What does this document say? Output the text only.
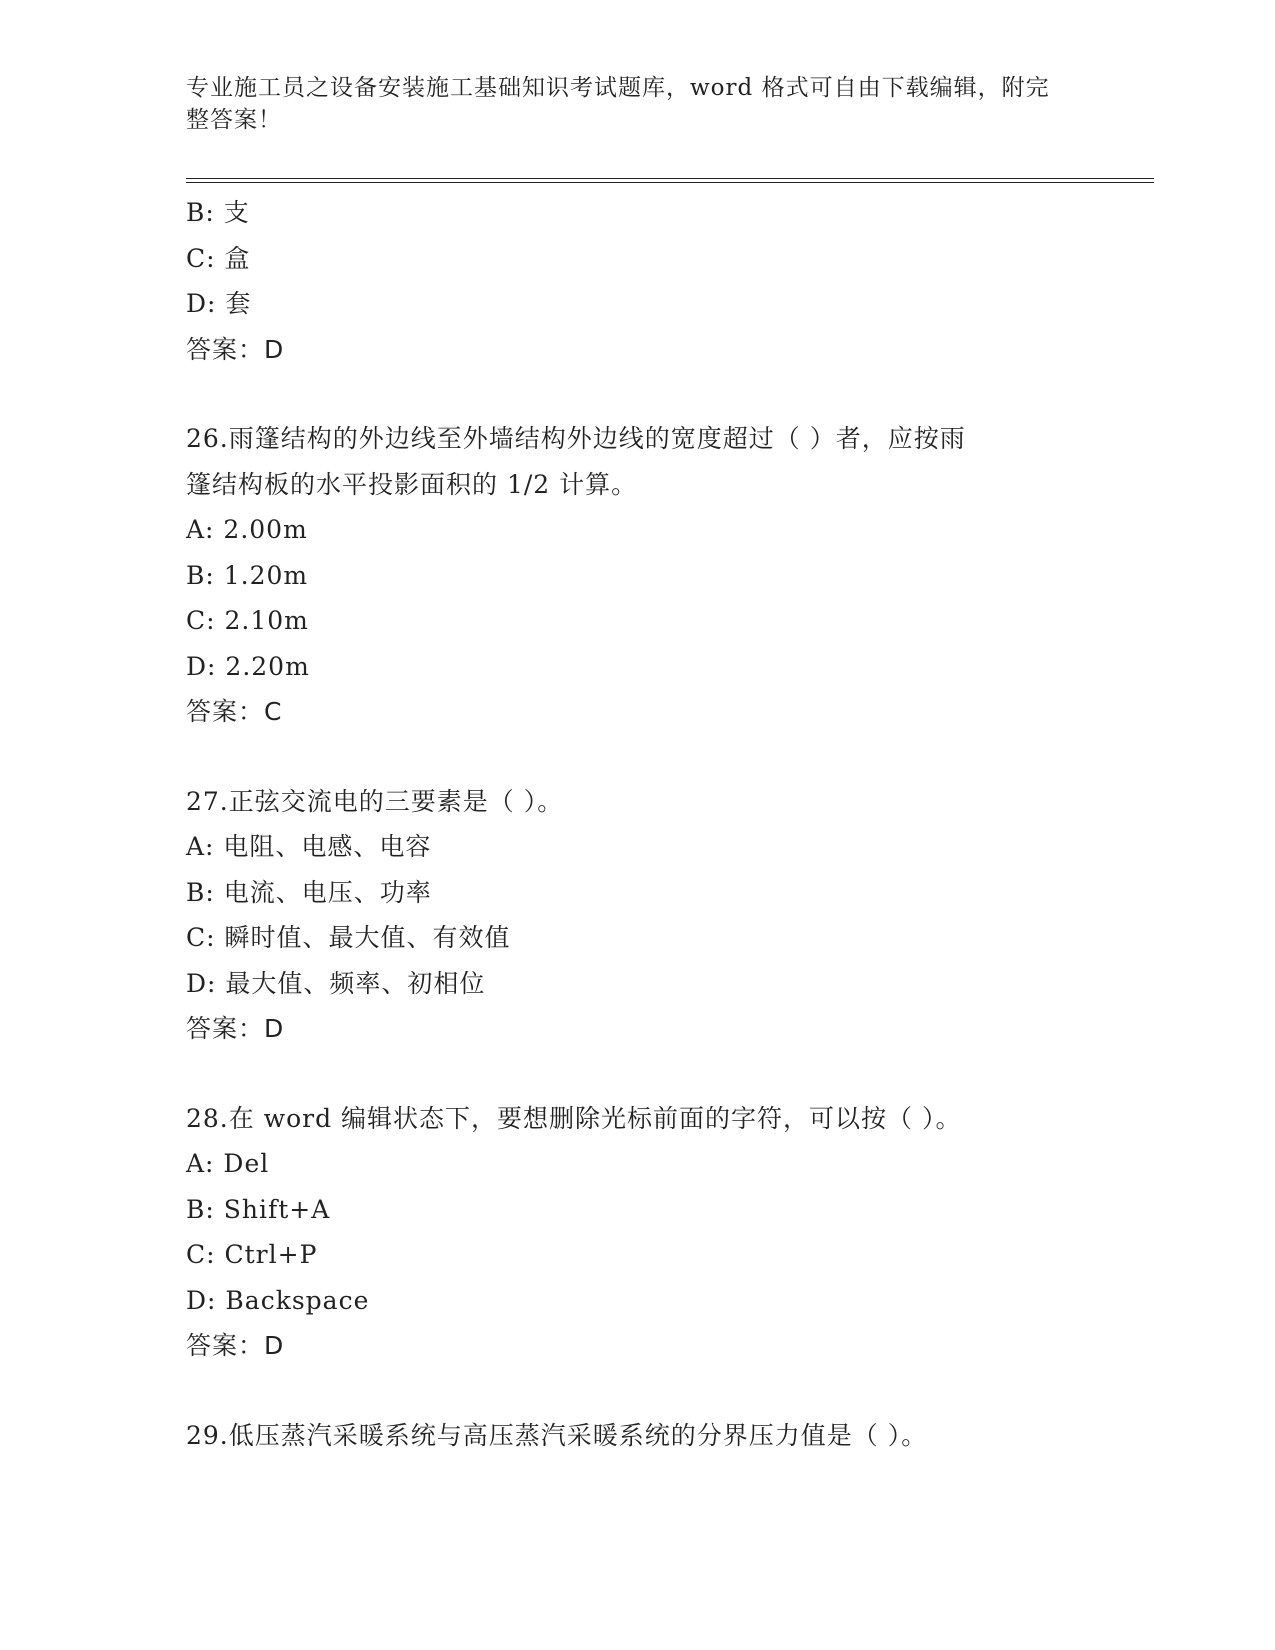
专业施工员之设备安装施工基础知识考试题库，word 格式可自由下载编辑，附完
整答案！
B: 支
C: 盒
D: 套
答案：D
26.雨篷结构的外边线至外墙结构外边线的宽度超过（ ）者，应按雨
篷结构板的水平投影面积的 1/2 计算。
A: 2.00m
B: 1.20m
C: 2.10m
D: 2.20m
答案：C
27.正弦交流电的三要素是（ ）。
A: 电阻、电感、电容
B: 电流、电压、功率
C: 瞬时值、最大值、有效值
D: 最大值、频率、初相位
答案：D
28.在 word 编辑状态下，要想删除光标前面的字符，可以按（ ）。
A: Del
B: Shift+A
C: Ctrl+P
D: Backspace
答案：D
29.低压蒸汽采暖系统与高压蒸汽采暖系统的分界压力值是（ ）。
